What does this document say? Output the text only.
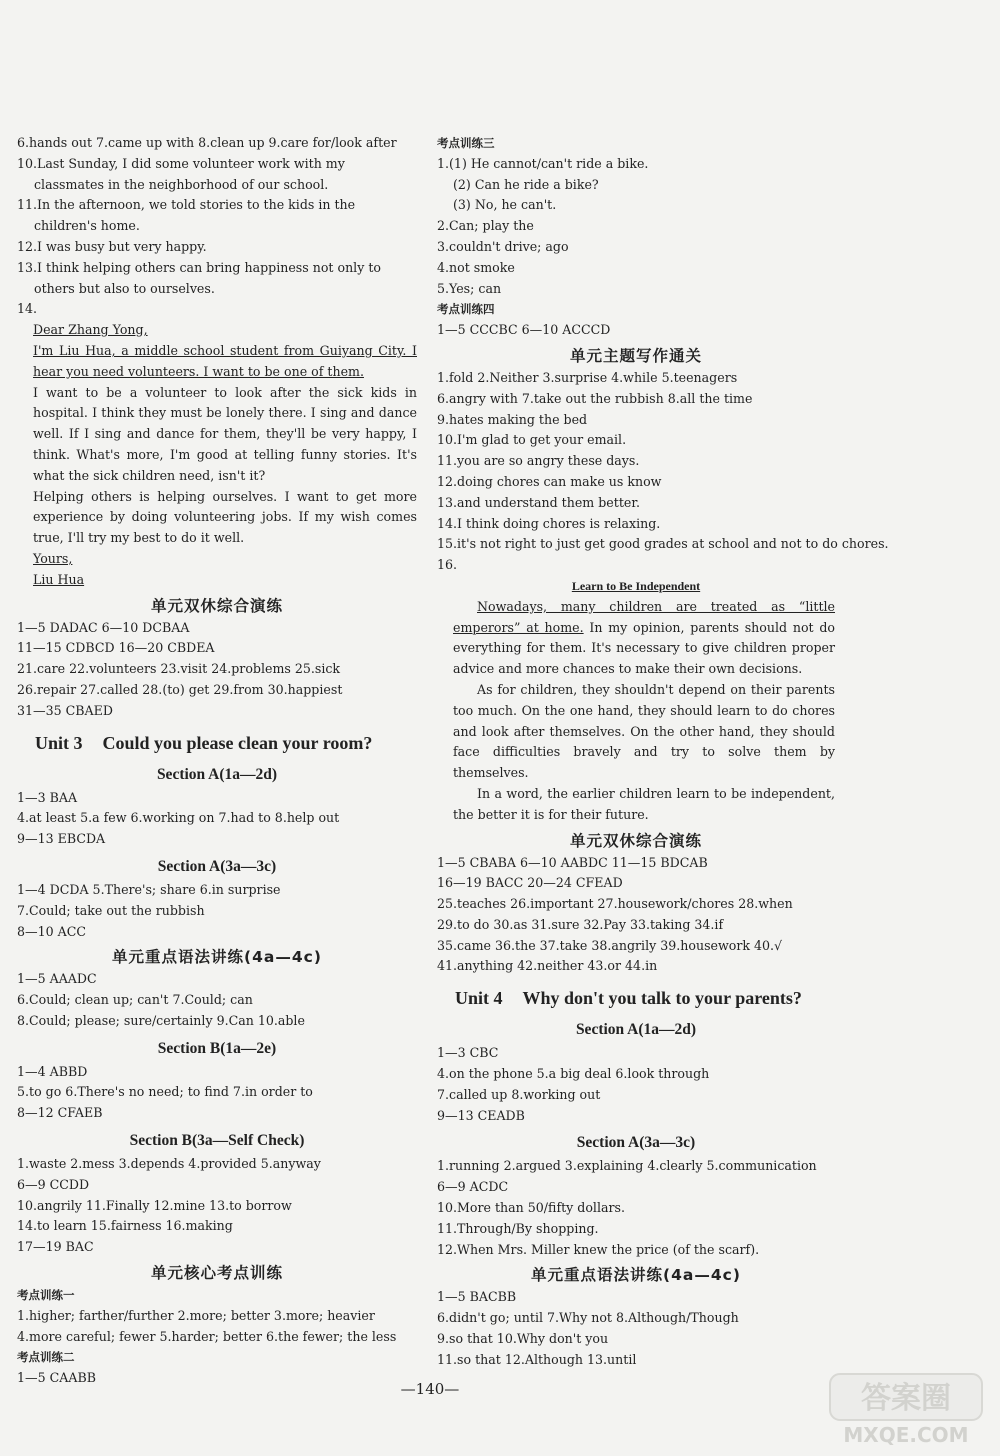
6.hands out 7.came up with 8.clean up 9.care for/look after
10.Last Sunday, I did some volunteer work with my classmates in the neighborhood of our school.
11.In the afternoon, we told stories to the kids in the children's home.
12.I was busy but very happy.
13.I think helping others can bring happiness not only to others but also to ourselves.
14.
Dear Zhang Yong,
I'm Liu Hua, a middle school student from Guiyang City. I hear you need volunteers. I want to be one of them.
I want to be a volunteer to look after the sick kids in hospital. I think they must be lonely there. I sing and dance well. If I sing and dance for them, they'll be very happy, I think. What's more, I'm good at telling funny stories. It's what the sick children need, isn't it?
Helping others is helping ourselves. I want to get more experience by doing volunteering jobs. If my wish comes true, I'll try my best to do it well.
Yours,
Liu Hua
单元双休综合演练
1—5 DADAC 6—10 DCBAA
11—15 CDBCD 16—20 CBDEA
21.care 22.volunteers 23.visit 24.problems 25.sick
26.repair 27.called 28.(to) get 29.from 30.happiest
31—35 CBAED
Unit 3 Could you please clean your room?
Section A(1a—2d)
1—3 BAA
4.at least 5.a few 6.working on 7.had to 8.help out
9—13 EBCDA
Section A(3a—3c)
1—4 DCDA 5.There's; share 6.in surprise
7.Could; take out the rubbish
8—10 ACC
单元重点语法讲练(4a—4c)
1—5 AAADC
6.Could; clean up; can't 7.Could; can
8.Could; please; sure/certainly 9.Can 10.able
Section B(1a—2e)
1—4 ABBD
5.to go 6.There's no need; to find 7.in order to
8—12 CFAEB
Section B(3a—Self Check)
1.waste 2.mess 3.depends 4.provided 5.anyway
6—9 CCDD
10.angrily 11.Finally 12.mine 13.to borrow
14.to learn 15.fairness 16.making
17—19 BAC
单元核心考点训练
考点训练一
1.higher; farther/further 2.more; better 3.more; heavier
4.more careful; fewer 5.harder; better 6.the fewer; the less
考点训练二
1—5 CAABB
考点训练三
1.(1) He cannot/can't ride a bike.
(2) Can he ride a bike?
(3) No, he can't.
2.Can; play the
3.couldn't drive; ago
4.not smoke
5.Yes; can
考点训练四
1—5 CCCBC 6—10 ACCCD
单元主题写作通关
1.fold 2.Neither 3.surprise 4.while 5.teenagers
6.angry with 7.take out the rubbish 8.all the time
9.hates making the bed
10.I'm glad to get your email.
11.you are so angry these days.
12.doing chores can make us know
13.and understand them better.
14.I think doing chores is relaxing.
15.it's not right to just get good grades at school and not to do chores.
16.
Learn to Be Independent
Nowadays, many children are treated as “little emperors” at home. In my opinion, parents should not do everything for them. It's necessary to give children proper advice and more chances to make their own decisions.
As for children, they shouldn't depend on their parents too much. On the one hand, they should learn to do chores and look after themselves. On the other hand, they should face difficulties bravely and try to solve them by themselves.
In a word, the earlier children learn to be independent, the better it is for their future.
单元双休综合演练
1—5 CBABA 6—10 AABDC 11—15 BDCAB
16—19 BACC 20—24 CFEAD
25.teaches 26.important 27.housework/chores 28.when
29.to do 30.as 31.sure 32.Pay 33.taking 34.if
35.came 36.the 37.take 38.angrily 39.housework 40.√
41.anything 42.neither 43.or 44.in
Unit 4 Why don't you talk to your parents?
Section A(1a—2d)
1—3 CBC
4.on the phone 5.a big deal 6.look through
7.called up 8.working out
9—13 CEADB
Section A(3a—3c)
1.running 2.argued 3.explaining 4.clearly 5.communication
6—9 ACDC
10.More than 50/fifty dollars.
11.Through/By shopping.
12.When Mrs. Miller knew the price (of the scarf).
单元重点语法讲练(4a—4c)
1—5 BACBB
6.didn't go; until 7.Why not 8.Although/Though
9.so that 10.Why don't you
11.so that 12.Although 13.until
—140—	答案圈
MXQE.COM
